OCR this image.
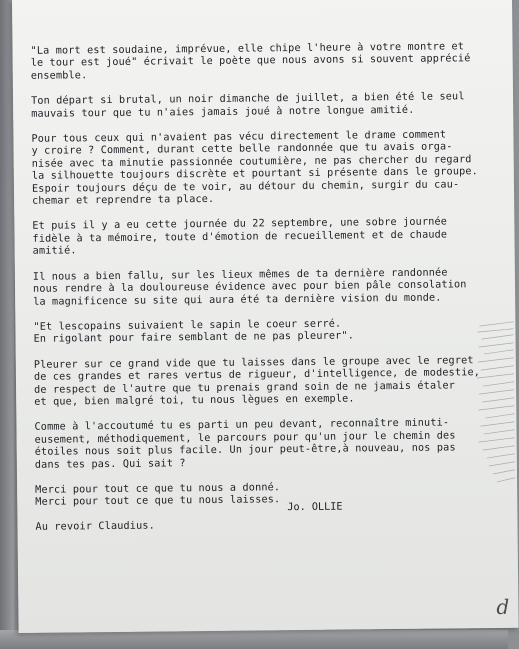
"La mort est soudaine, imprévue, elle chipe l'heure à votre montre et
le tour est joué" écrivait le poète que nous avons si souvent apprécié
ensemble.

Ton départ si brutal, un noir dimanche de juillet, a bien été le seul
mauvais tour que tu n'aies jamais joué à notre longue amitié.

Pour tous ceux qui n'avaient pas vécu directement le drame comment
y croire ? Comment, durant cette belle randonnée que tu avais orga-
nisée avec ta minutie passionnée coutumière, ne pas chercher du regard
la silhouette toujours discrète et pourtant si présente dans le groupe.
Espoir toujours déçu de te voir, au détour du chemin, surgir du cau-
chemar et reprendre ta place.

Et puis il y a eu cette journée du 22 septembre, une sobre journée
fidèle à ta mémoire, toute d'émotion de recueillement et de chaude
amitié.

Il nous a bien fallu, sur les lieux mêmes de ta dernière randonnée
nous rendre à la douloureuse évidence avec pour bien pâle consolation
la magnificence su site qui aura été ta dernière vision du monde.

"Et lescopains suivaient le sapin le coeur serré.
En rigolant pour faire semblant de ne pas pleurer".

Pleurer sur ce grand vide que tu laisses dans le groupe avec le regret
de ces grandes et rares vertus de rigueur, d'intelligence, de modestie,
de respect de l'autre que tu prenais grand soin de ne jamais étaler
et que, bien malgré toi, tu nous lègues en exemple.

Comme à l'accoutumé tu es parti un peu devant, reconnaître minuti-
eusement, méthodiquement, le parcours pour qu'un jour le chemin des
étoiles nous soit plus facile. Un jour peut-être,à nouveau, nos pas
dans tes pas. Qui sait ?

Merci pour tout ce que tu nous a donné.
Merci pour tout ce que tu nous laisses.

Au revoir Claudius.

Jo. OLLIE
d
